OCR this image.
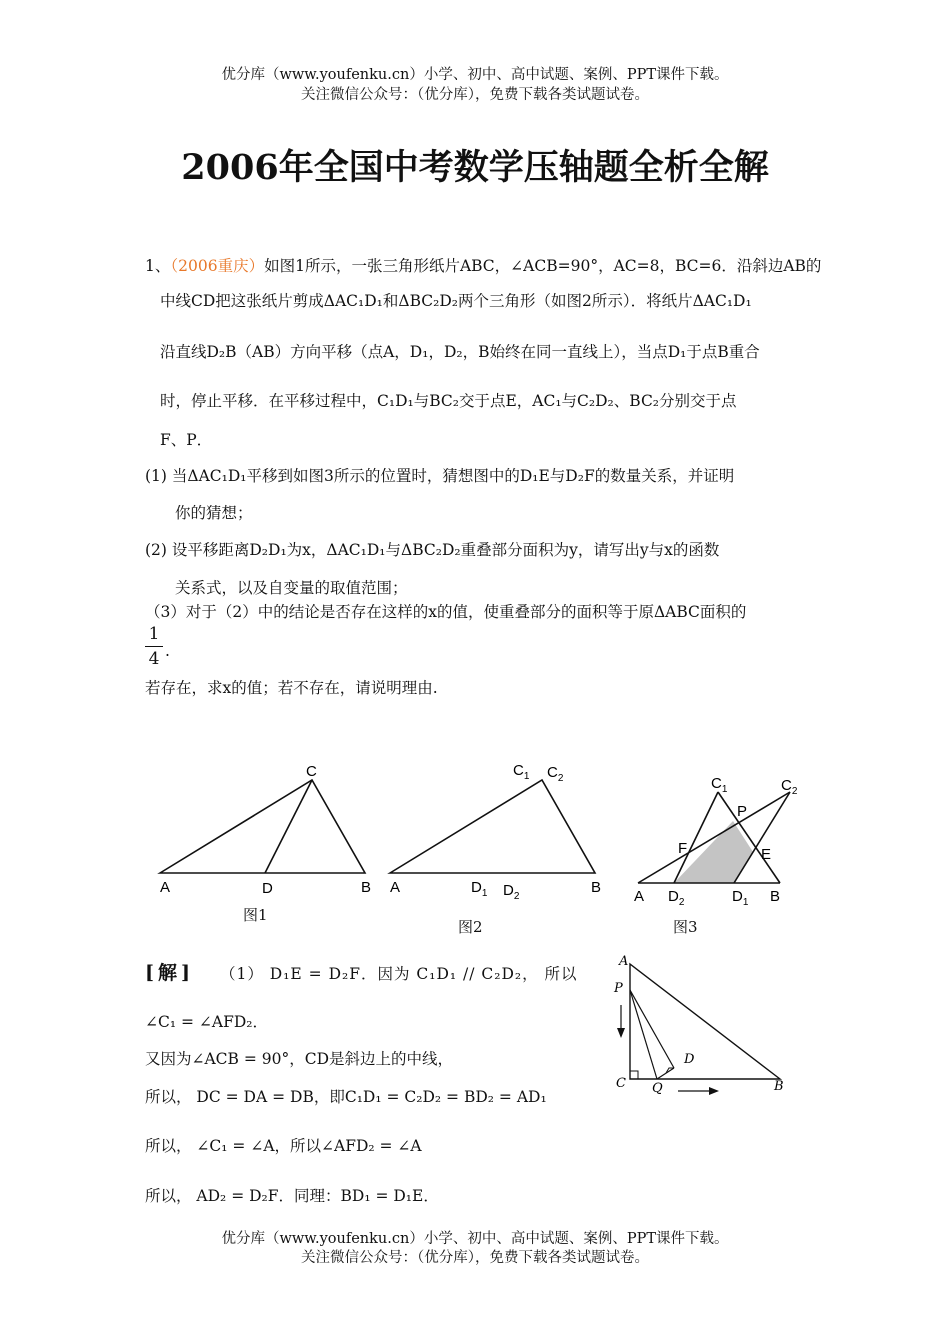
优分库（www.youfenku.cn）小学、初中、高中试题、案例、PPT课件下载。
关注微信公众号：（优分库），免费下载各类试题试卷。
2006年全国中考数学压轴题全析全解
1、（2006重庆）如图1所示，一张三角形纸片ABC，∠ACB=90°，AC=8，BC=6．沿斜边AB的
中线CD把这张纸片剪成ΔAC₁D₁和ΔBC₂D₂两个三角形（如图2所示）．将纸片ΔAC₁D₁
沿直线D₂B（AB）方向平移（点A，D₁，D₂，B始终在同一直线上），当点D₁于点B重合
时，停止平移．在平移过程中，C₁D₁与BC₂交于点E，AC₁与C₂D₂、BC₂分别交于点
F、P．
(1) 当ΔAC₁D₁平移到如图3所示的位置时，猜想图中的D₁E与D₂F的数量关系，并证明
你的猜想；
(2) 设平移距离D₂D₁为x，ΔAC₁D₁与ΔBC₂D₂重叠部分面积为y，请写出y与x的函数
关系式，以及自变量的取值范围；
（3）对于（2）中的结论是否存在这样的x的值，使重叠部分的面积等于原ΔABC面积的
1
4 .
若存在，求x的值；若不存在，请说明理由.
C
A	D	B
图1
$C_1$ $C_2$
A	$D_1$ $D_2$
B
图2
$C_1$	$C_2$
P
F	E
A $D_2$	$D_1$ B
图3
A
P
C Q
D
B
[解] （1） D₁E = D₂F．因为 C₁D₁ // C₂D₂， 所以
∠C₁ = ∠AFD₂．
又因为∠ACB = 90°，CD是斜边上的中线，
所以， DC = DA = DB，即C₁D₁ = C₂D₂ = BD₂ = AD₁
所以， ∠C₁ = ∠A，所以∠AFD₂ = ∠A
所以， AD₂ = D₂F．同理：BD₁ = D₁E．
优分库（www.youfenku.cn）小学、初中、高中试题、案例、PPT课件下载。
关注微信公众号：（优分库），免费下载各类试题试卷。
